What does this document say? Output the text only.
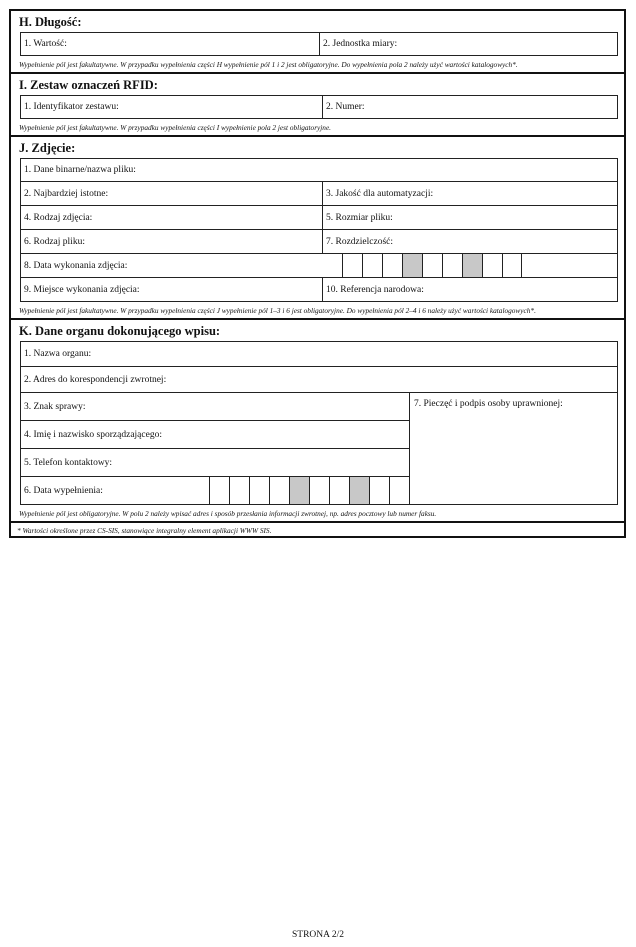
H. Długość:
1. Wartość:	2. Jednostka miary:
Wypełnienie pól jest fakultatywne. W przypadku wypełnienia części H wypełnienie pól 1 i 2 jest obligatoryjne. Do wypełnienia pola 2 należy użyć wartości katalogowych*.
I. Zestaw oznaczeń RFID:
1. Identyfikator zestawu:	2. Numer:
Wypełnienie pól jest fakultatywne. W przypadku wypełnienia części I wypełnienie pola 2 jest obligatoryjne.
J. Zdjęcie:
1. Dane binarne/nazwa pliku:
2. Najbardziej istotne:	3. Jakość dla automatyzacji:
4. Rodzaj zdjęcia:	5. Rozmiar pliku:
6. Rodzaj pliku:	7. Rozdzielczość:
8. Data wykonania zdjęcia:
9. Miejsce wykonania zdjęcia:	10. Referencja narodowa:
Wypełnienie pól jest fakultatywne. W przypadku wypełnienia części J wypełnienie pól 1–3 i 6 jest obligatoryjne. Do wypełnienia pól 2–4 i 6 należy użyć wartości katalogowych*.
K. Dane organu dokonującego wpisu:
1. Nazwa organu:
2. Adres do korespondencji zwrotnej:
3. Znak sprawy:
4. Imię i nazwisko sporządzającego:
5. Telefon kontaktowy:
6. Data wypełnienia:
7. Pieczęć i podpis osoby uprawnionej:
Wypełnienie pól jest obligatoryjne. W polu 2 należy wpisać adres i sposób przesłania informacji zwrotnej, np. adres pocztowy lub numer faksu.
* Wartości określone przez CS-SIS, stanowiące integralny element aplikacji WWW SIS.
STRONA 2/2
